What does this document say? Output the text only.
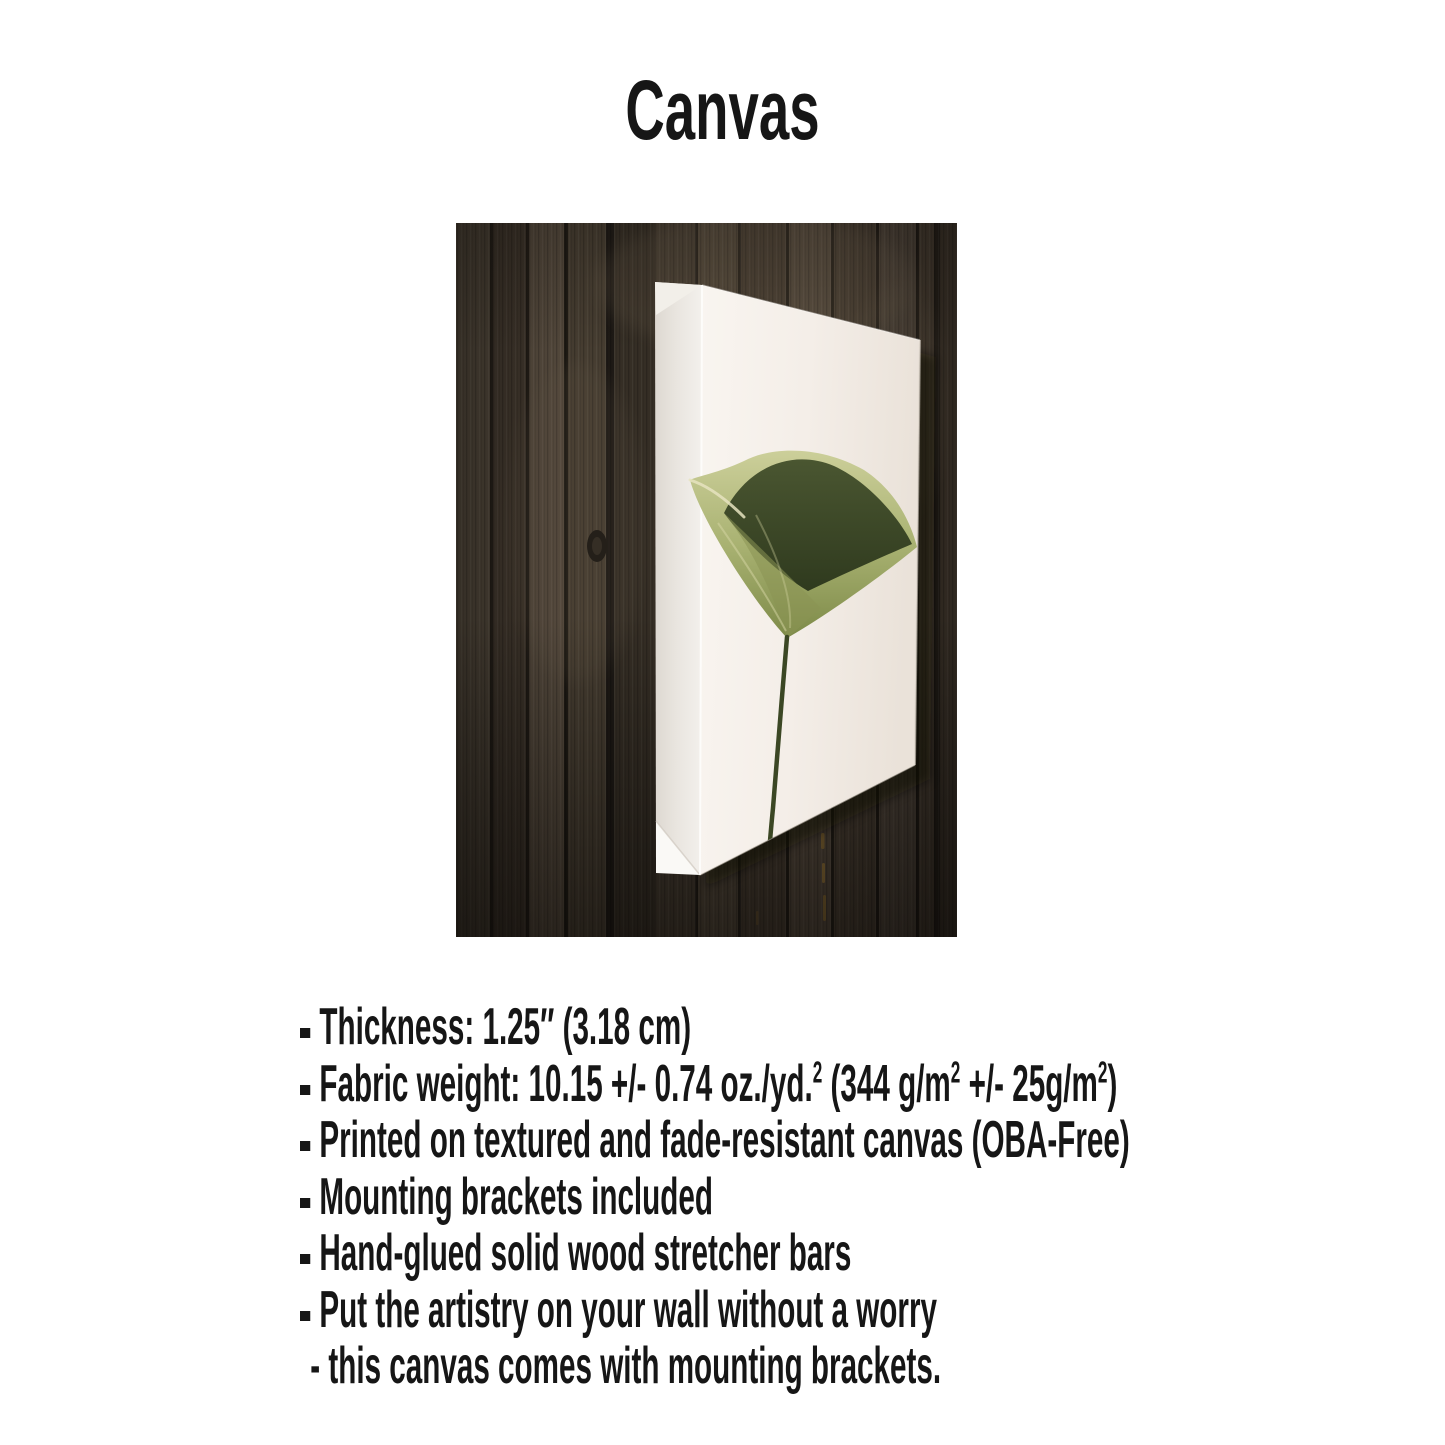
Canvas
Thickness: 1.25″ (3.18 cm)
Fabric weight: 10.15 +/- 0.74 oz./yd.$^2$ (344 $g/m^2$ +/- $25g/m^2$)
Printed on textured and fade-resistant canvas (OBA-Free)
Mounting brackets included
Hand-glued solid wood stretcher bars
Put the artistry on your wall without a worry
- this canvas comes with mounting brackets.
